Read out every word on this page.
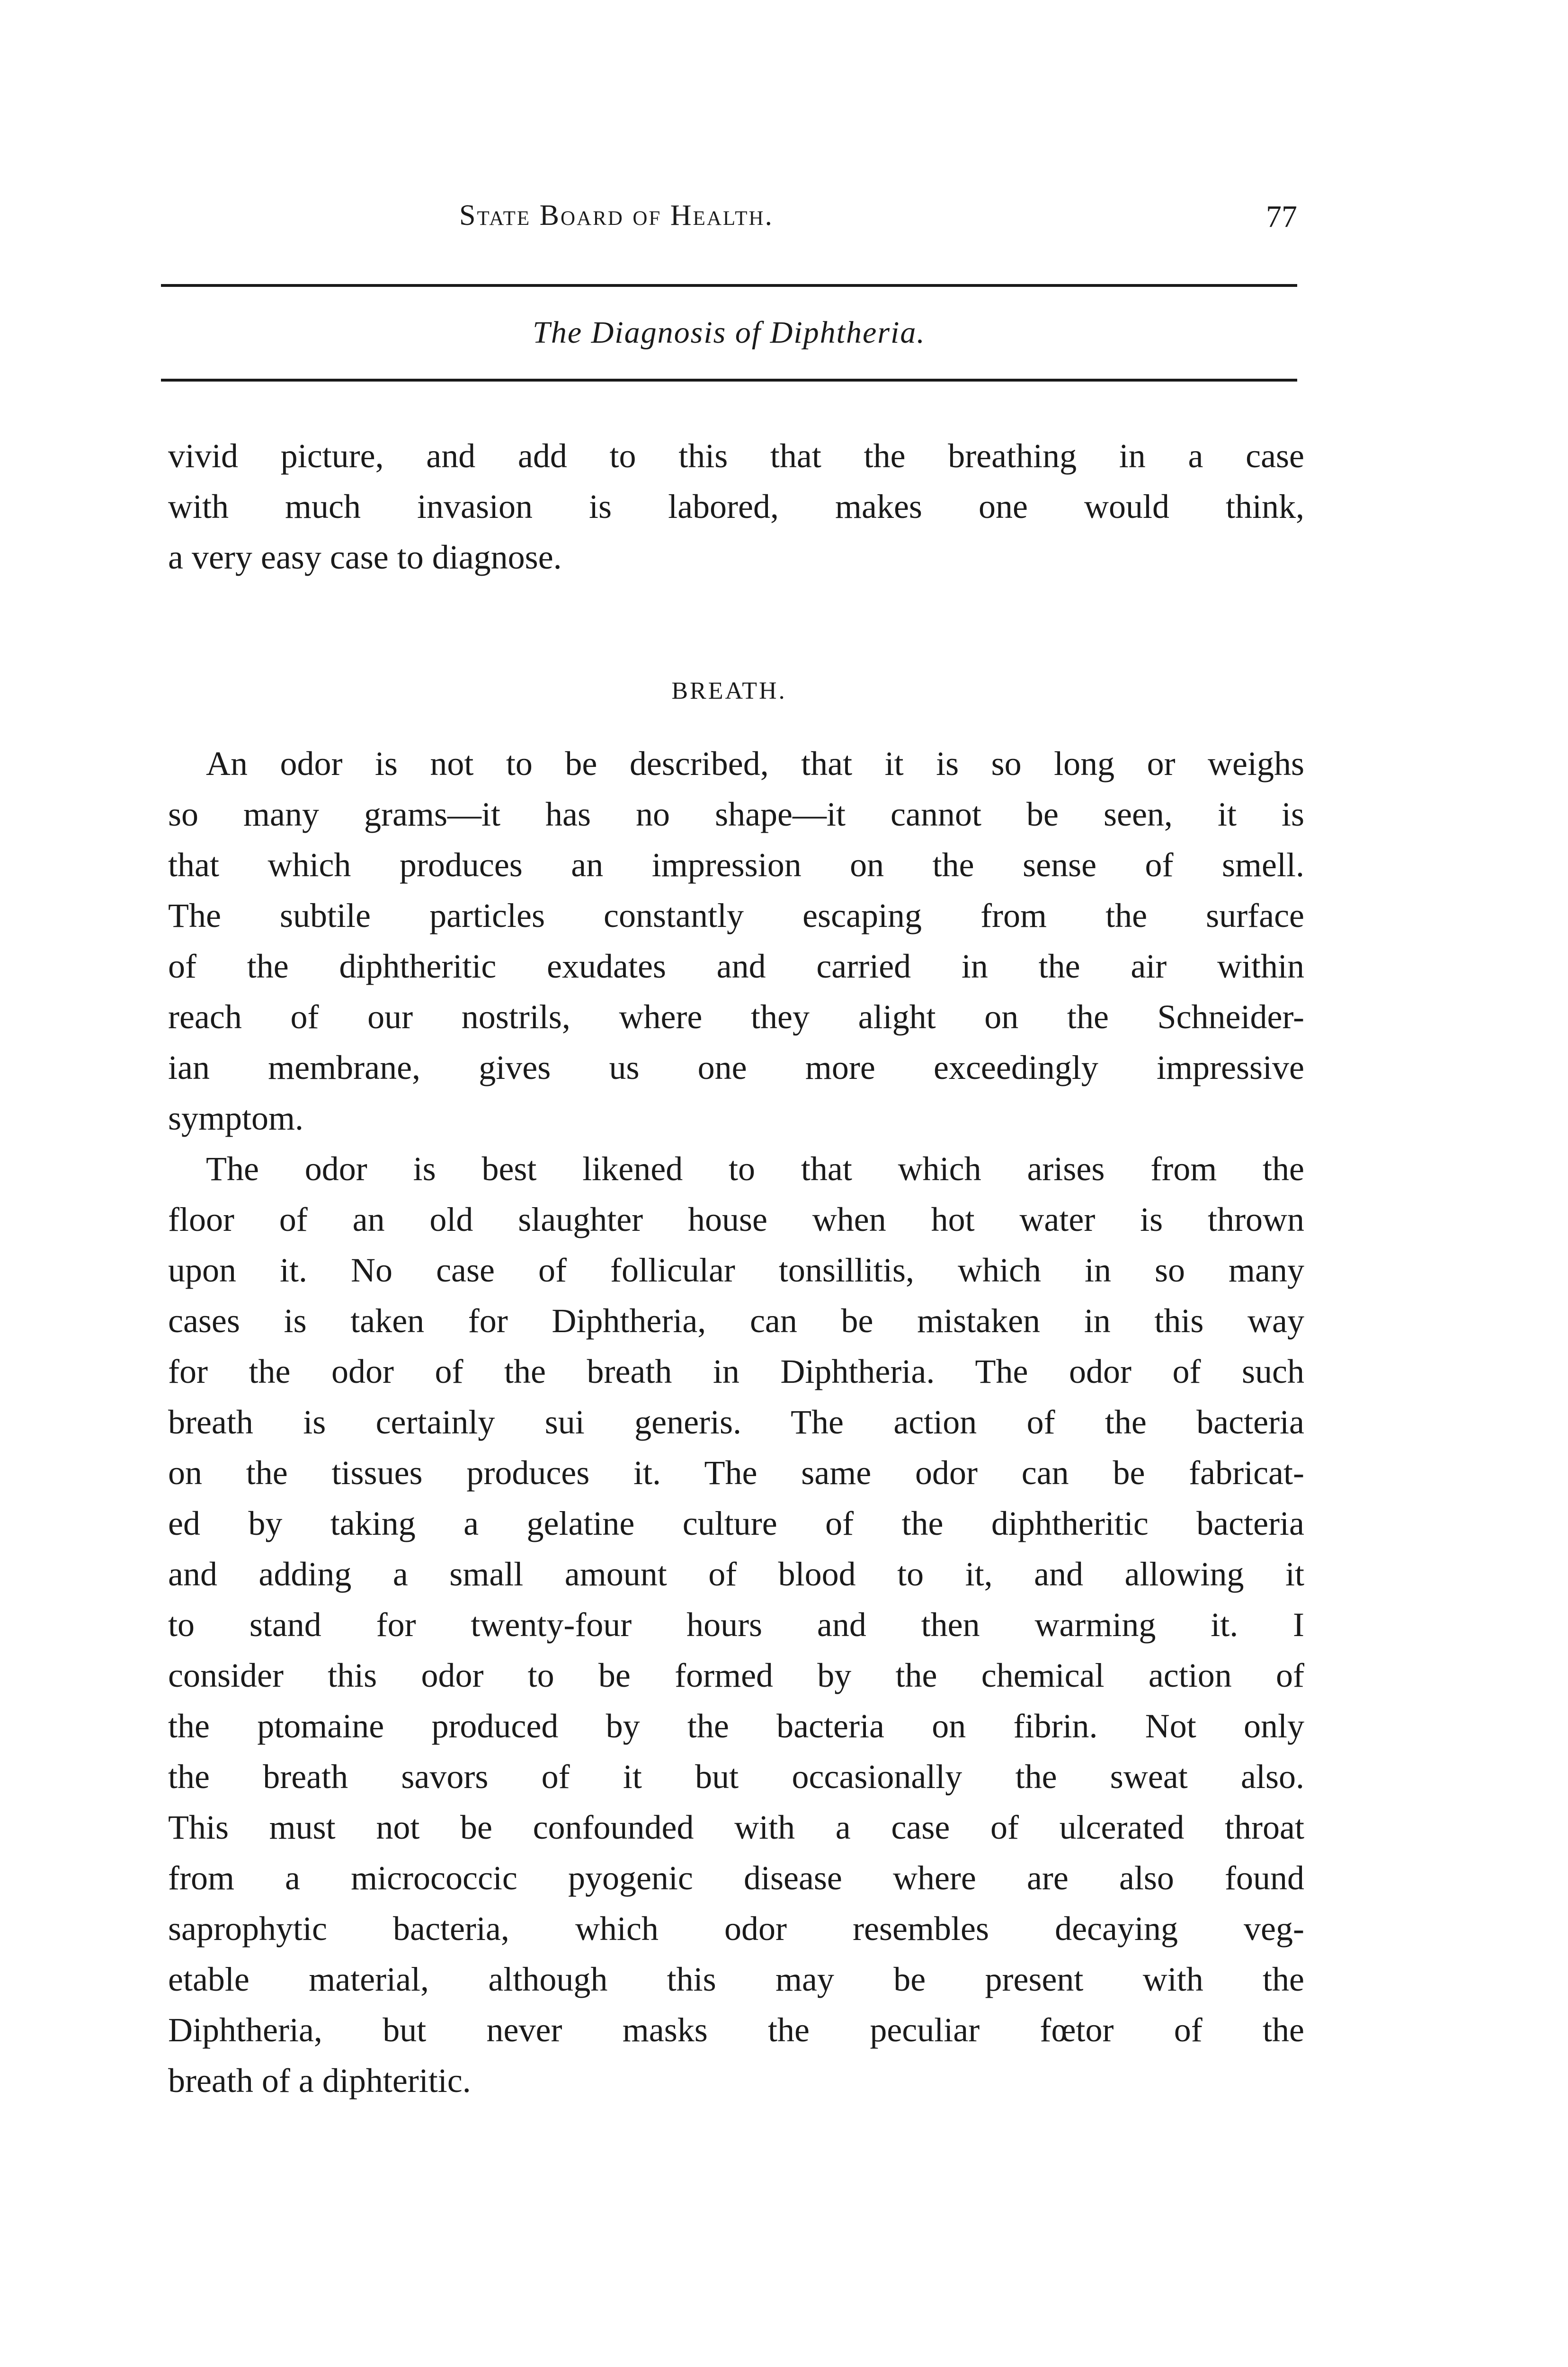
State Board of Health.	77
The Diagnosis of Diphtheria.
vivid picture, and add to this that the breathing in a case
with much invasion is labored, makes one would think,
a very easy case to diagnose.
BREATH.
An odor is not to be described, that it is so long or weighs
so many grams—it has no shape—it cannot be seen, it is
that which produces an impression on the sense of smell.
The subtile particles constantly escaping from the surface
of the diphtheritic exudates and carried in the air within
reach of our nostrils, where they alight on the Schneider-
ian membrane, gives us one more exceedingly impressive
symptom.
The odor is best likened to that which arises from the
floor of an old slaughter house when hot water is thrown
upon it. No case of follicular tonsillitis, which in so many
cases is taken for Diphtheria, can be mistaken in this way
for the odor of the breath in Diphtheria. The odor of such
breath is certainly sui generis. The action of the bacteria
on the tissues produces it. The same odor can be fabricat-
ed by taking a gelatine culture of the diphtheritic bacteria
and adding a small amount of blood to it, and allowing it
to stand for twenty-four hours and then warming it. I
consider this odor to be formed by the chemical action of
the ptomaine produced by the bacteria on fibrin. Not only
the breath savors of it but occasionally the sweat also.
This must not be confounded with a case of ulcerated throat
from a micrococcic pyogenic disease where are also found
saprophytic bacteria, which odor resembles decaying veg-
etable material, although this may be present with the
Diphtheria, but never masks the peculiar fœtor of the
breath of a diphteritic.
